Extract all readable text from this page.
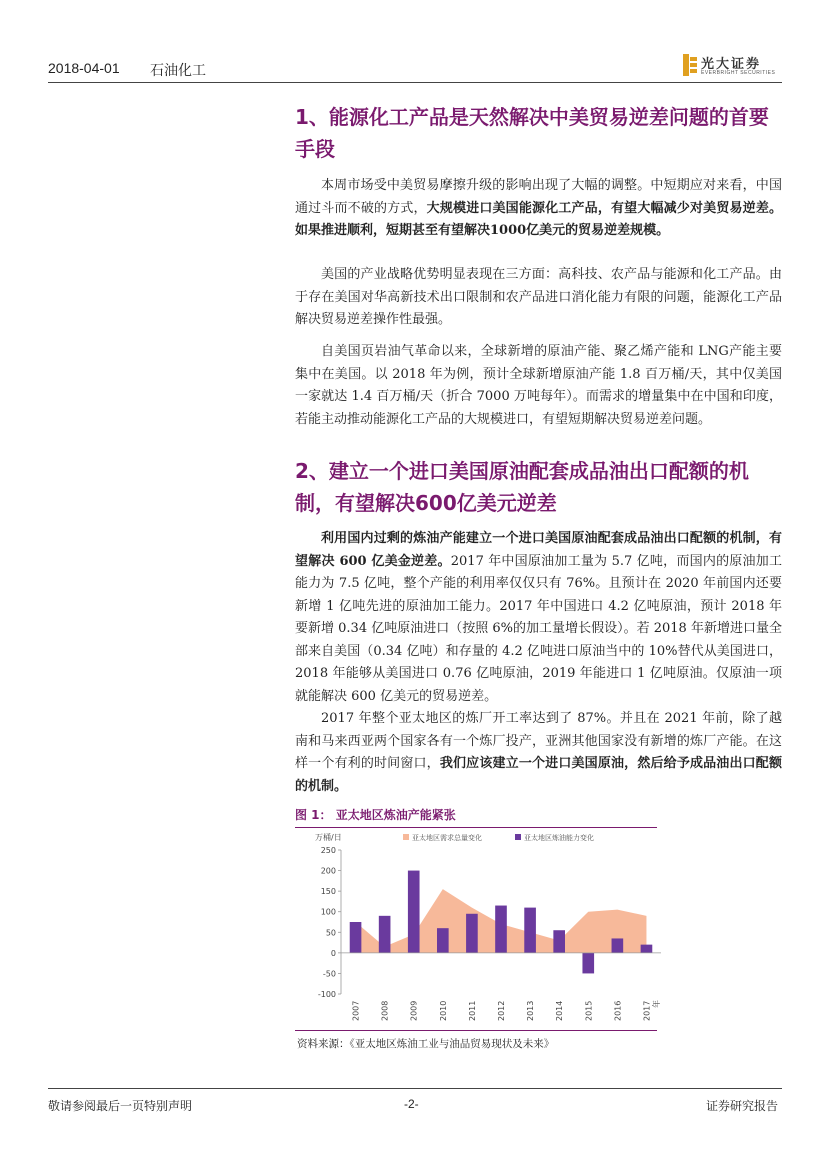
2018-04-01 石油化工	光大证券
EVERBRIGHT SECURITIES
1、能源化工产品是天然解决中美贸易逆差问题的首要手段

本周市场受中美贸易摩擦升级的影响出现了大幅的调整。中短期应对来看，中国通过斗而不破的方式，大规模进口美国能源化工产品，有望大幅减少对美贸易逆差。如果推进顺利，短期甚至有望解决1000亿美元的贸易逆差规模。

美国的产业战略优势明显表现在三方面：高科技、农产品与能源和化工产品。由于存在美国对华高新技术出口限制和农产品进口消化能力有限的问题，能源化工产品解决贸易逆差操作性最强。

自美国页岩油气革命以来，全球新增的原油产能、聚乙烯产能和 LNG产能主要集中在美国。以 2018 年为例，预计全球新增原油产能 1.8 百万桶/天，其中仅美国一家就达 1.4 百万桶/天（折合 7000 万吨每年）。而需求的增量集中在中国和印度，若能主动推动能源化工产品的大规模进口，有望短期解决贸易逆差问题。

2、建立一个进口美国原油配套成品油出口配额的机制，有望解决600亿美元逆差

利用国内过剩的炼油产能建立一个进口美国原油配套成品油出口配额的机制，有望解决 600 亿美金逆差。2017 年中国原油加工量为 5.7 亿吨，而国内的原油加工能力为 7.5 亿吨，整个产能的利用率仅仅只有 76%。且预计在 2020 年前国内还要新增 1 亿吨先进的原油加工能力。2017 年中国进口 4.2 亿吨原油，预计 2018 年要新增 0.34 亿吨原油进口（按照 6%的加工量增长假设）。若 2018 年新增进口量全部来自美国（0.34 亿吨）和存量的 4.2 亿吨进口原油当中的 10%替代从美国进口，2018 年能够从美国进口 0.76 亿吨原油，2019 年能进口 1 亿吨原油。仅原油一项就能解决 600 亿美元的贸易逆差。

2017 年整个亚太地区的炼厂开工率达到了 87%。并且在 2021 年前，除了越南和马来西亚两个国家各有一个炼厂投产，亚洲其他国家没有新增的炼厂产能。在这样一个有利的时间窗口，我们应该建立一个进口美国原油，然后给予成品油出口配额的机制。

图 1： 亚太地区炼油产能紧张
亚太地区需求总量变化	亚太地区炼油能力变化
万桶/日
-100
-50
0
50
100
150
200
250
2007	2008	2009	2010	2011	2012	2013	2014	2015	2016	2017 年
资料来源：《亚太地区炼油工业与油品贸易现状及未来》
敬请参阅最后一页特别声明	-2-	证券研究报告
